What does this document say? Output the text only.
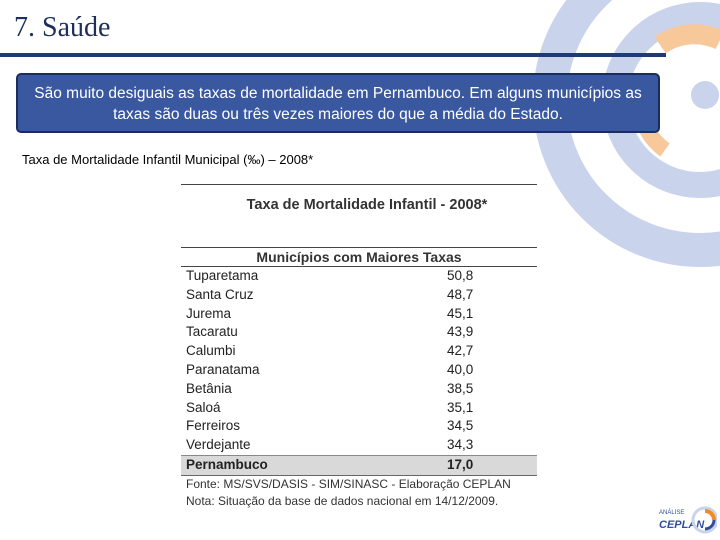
7. Saúde
São muito desiguais as taxas de mortalidade em Pernambuco. Em alguns municípios as taxas são duas ou três vezes maiores do que a média do Estado.
Taxa de Mortalidade Infantil Municipal (‰) – 2008*
Taxa de Mortalidade Infantil - 2008*
Municípios com Maiores Taxas
Tuparetama	50,8
Santa Cruz	48,7
Jurema	45,1
Tacaratu	43,9
Calumbi	42,7
Paranatama	40,0
Betânia	38,5
Saloá	35,1
Ferreiros	34,5
Verdejante	34,3
Pernambuco	17,0
Fonte: MS/SVS/DASIS - SIM/SINASC - Elaboração CEPLAN
Nota: Situação da base de dados nacional em 14/12/2009.
ANÁLISE
CEPLAN
